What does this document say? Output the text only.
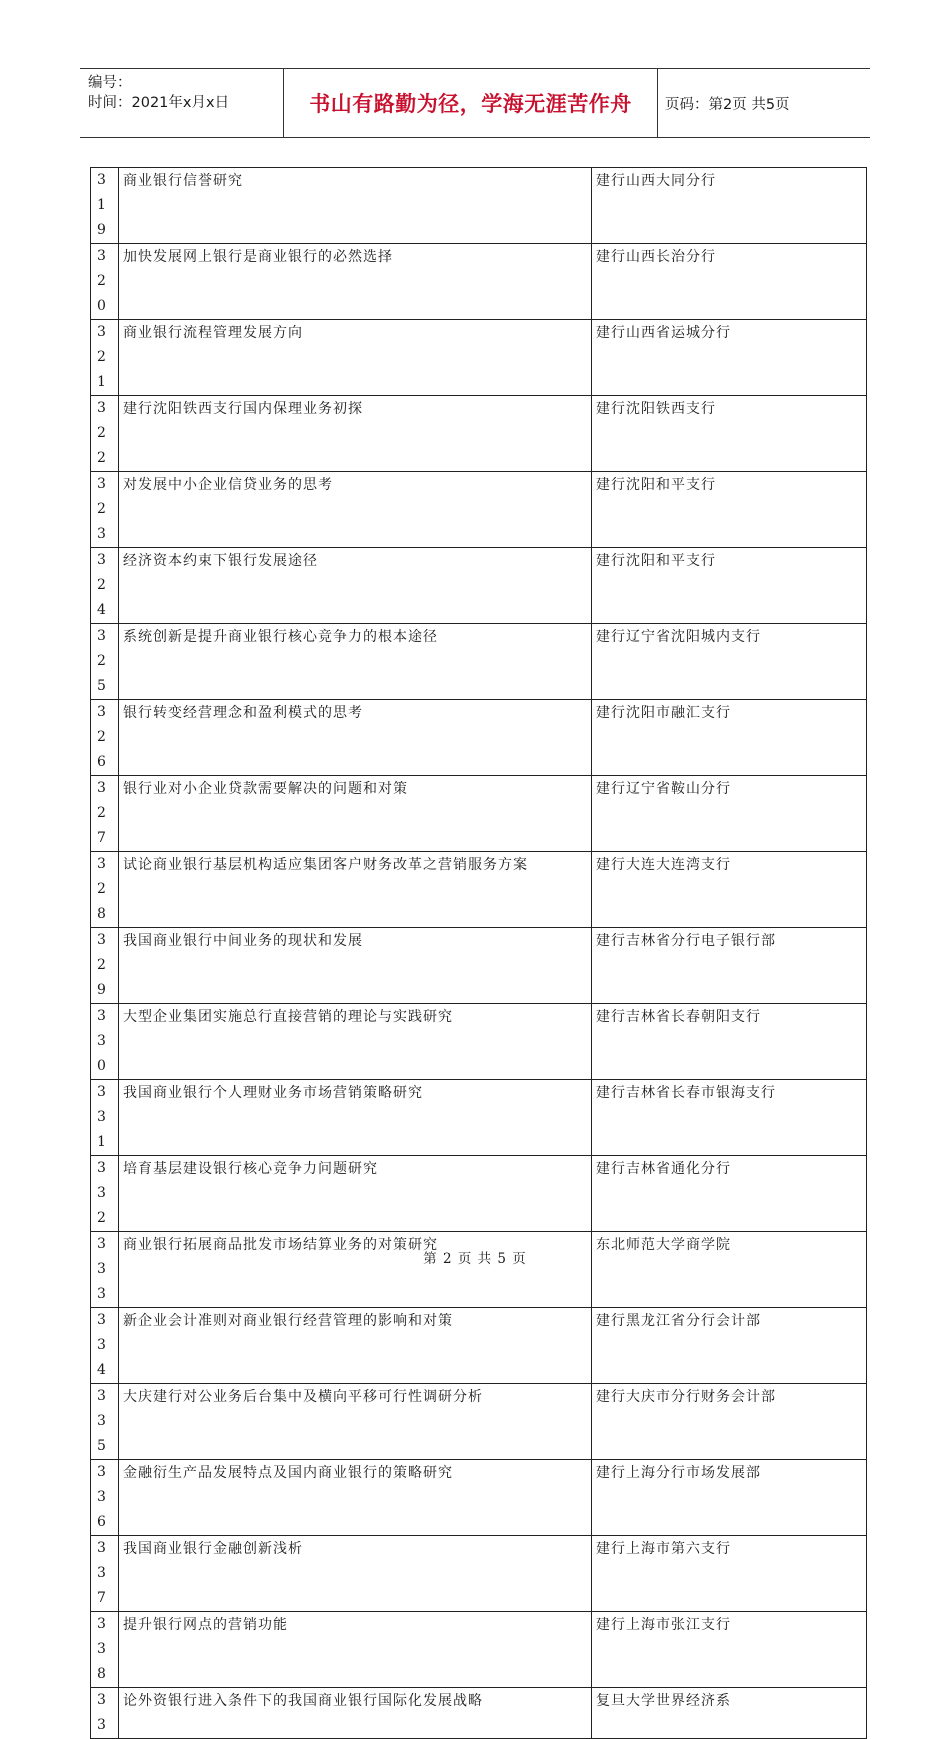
编号：
时间：2021年x月x日	书山有路勤为径，学海无涯苦作舟	页码：第2页 共5页
319	商业银行信誉研究	建行山西大同分行

320	加快发展网上银行是商业银行的必然选择	建行山西长治分行

321	商业银行流程管理发展方向	建行山西省运城分行

322	建行沈阳铁西支行国内保理业务初探	建行沈阳铁西支行

323	对发展中小企业信贷业务的思考	建行沈阳和平支行

324	经济资本约束下银行发展途径	建行沈阳和平支行

325	系统创新是提升商业银行核心竞争力的根本途径	建行辽宁省沈阳城内支行

326	银行转变经营理念和盈利模式的思考	建行沈阳市融汇支行

327	银行业对小企业贷款需要解决的问题和对策	建行辽宁省鞍山分行

328	试论商业银行基层机构适应集团客户财务改革之营销服务方案	建行大连大连湾支行

329	我国商业银行中间业务的现状和发展	建行吉林省分行电子银行部

330	大型企业集团实施总行直接营销的理论与实践研究	建行吉林省长春朝阳支行

331	我国商业银行个人理财业务市场营销策略研究	建行吉林省长春市银海支行

332	培育基层建设银行核心竞争力问题研究	建行吉林省通化分行

333	商业银行拓展商品批发市场结算业务的对策研究	东北师范大学商学院

334	新企业会计准则对商业银行经营管理的影响和对策	建行黑龙江省分行会计部

335	大庆建行对公业务后台集中及横向平移可行性调研分析	建行大庆市分行财务会计部

336	金融衍生产品发展特点及国内商业银行的策略研究	建行上海分行市场发展部

337	我国商业银行金融创新浅析	建行上海市第六支行

338	提升银行网点的营销功能	建行上海市张江支行

33	论外资银行进入条件下的我国商业银行国际化发展战略	复旦大学世界经济系
第 2 页 共 5 页
